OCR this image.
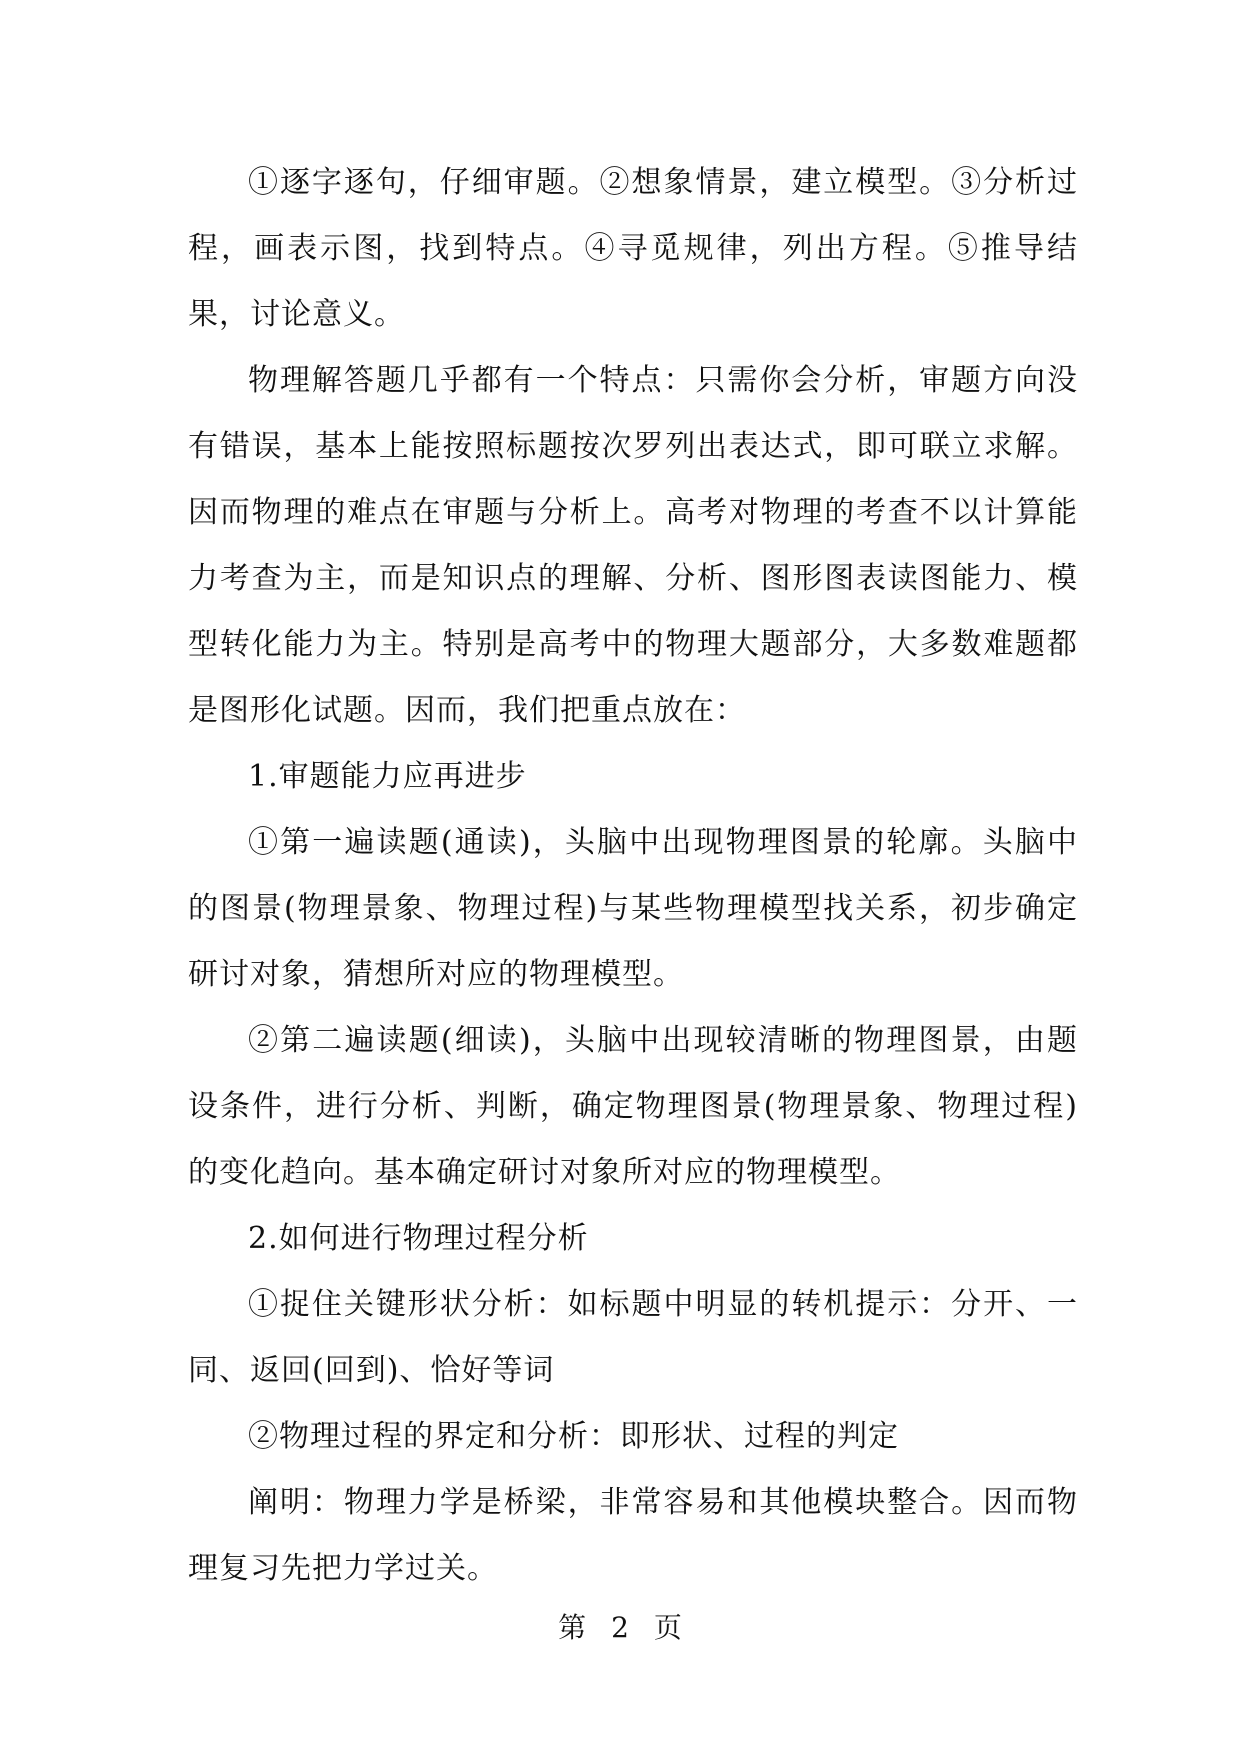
①逐字逐句，仔细审题。②想象情景，建立模型。③分析过程，画表示图，找到特点。④寻觅规律，列出方程。⑤推导结果，讨论意义。

物理解答题几乎都有一个特点：只需你会分析，审题方向没有错误，基本上能按照标题按次罗列出表达式，即可联立求解。因而物理的难点在审题与分析上。高考对物理的考查不以计算能力考查为主，而是知识点的理解、分析、图形图表读图能力、模型转化能力为主。特别是高考中的物理大题部分，大多数难题都是图形化试题。因而，我们把重点放在：

1.审题能力应再进步

①第一遍读题(通读)，头脑中出现物理图景的轮廓。头脑中的图景(物理景象、物理过程)与某些物理模型找关系，初步确定研讨对象，猜想所对应的物理模型。

②第二遍读题(细读)，头脑中出现较清晰的物理图景，由题设条件，进行分析、判断，确定物理图景(物理景象、物理过程)的变化趋向。基本确定研讨对象所对应的物理模型。

2.如何进行物理过程分析

①捉住关键形状分析：如标题中明显的转机提示：分开、一同、返回(回到)、恰好等词

②物理过程的界定和分析：即形状、过程的判定

阐明：物理力学是桥梁，非常容易和其他模块整合。因而物理复习先把力学过关。

第 2 页
